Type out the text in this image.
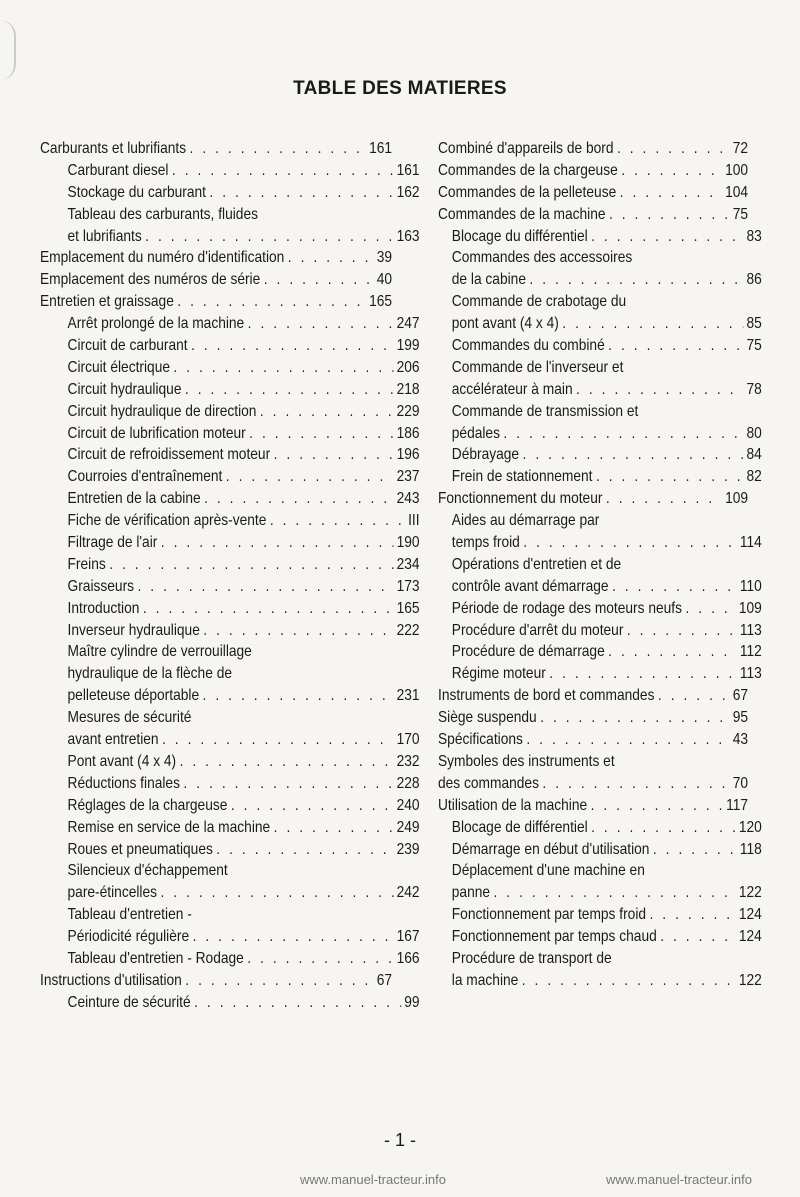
TABLE DES MATIERES
Carburants et lubrifiants . . .	161
Carburant diesel . . .	161
Stockage du carburant . . .	162
Tableau des carburants, fluides
et lubrifiants . . .	163
Emplacement du numéro d'identification . . .	39
Emplacement des numéros de série . . .	40
Entretien et graissage . . .	165
Arrêt prolongé de la machine . . .	247
Circuit de carburant . . .	199
Circuit électrique . . .	206
Circuit hydraulique . . .	218
Circuit hydraulique de direction . . .	229
Circuit de lubrification moteur . . .	186
Circuit de refroidissement moteur . . .	196
Courroies d'entraînement . . .	237
Entretien de la cabine . . .	243
Fiche de vérification après-vente . . .	III
Filtrage de l'air . . .	190
Freins . . .	234
Graisseurs . . .	173
Introduction . . .	165
Inverseur hydraulique . . .	222
Maître cylindre de verrouillage
hydraulique de la flèche de
pelleteuse déportable . . .	231
Mesures de sécurité
avant entretien . . .	170
Pont avant (4 x 4) . . .	232
Réductions finales . . .	228
Réglages de la chargeuse . . .	240
Remise en service de la machine . . .	249
Roues et pneumatiques . . .	239
Silencieux d'échappement
pare-étincelles . . .	242
Tableau d'entretien -
Périodicité régulière . . .	167
Tableau d'entretien - Rodage . . .	166
Instructions d'utilisation . . .	67
Ceinture de sécurité . . .	99
Combiné d'appareils de bord . . .	72
Commandes de la chargeuse . . .	100
Commandes de la pelleteuse . . .	104
Commandes de la machine . . .	75
Blocage du différentiel . . .	83
Commandes des accessoires
de la cabine . . .	86
Commande de crabotage du
pont avant (4 x 4) . . .	85
Commandes du combiné . . .	75
Commande de l'inverseur et
accélérateur à main . . .	78
Commande de transmission et
pédales . . .	80
Débrayage . . .	84
Frein de stationnement . . .	82
Fonctionnement du moteur . . .	109
Aides au démarrage par
temps froid . . .	114
Opérations d'entretien et de
contrôle avant démarrage . . .	110
Période de rodage des moteurs neufs . . .	109
Procédure d'arrêt du moteur . . .	113
Procédure de démarrage . . .	112
Régime moteur . . .	113
Instruments de bord et commandes . . .	67
Siège suspendu . . .	95
Spécifications . . .	43
Symboles des instruments et
des commandes . . .	70
Utilisation de la machine . . .	117
Blocage de différentiel . . .	120
Démarrage en début d'utilisation . . .	118
Déplacement d'une machine en
panne . . .	122
Fonctionnement par temps froid . . .	124
Fonctionnement par temps chaud . . .	124
Procédure de transport de
la machine . . .	122
- 1 -
www.manuel-tracteur.info	www.manuel-tracteur.info
